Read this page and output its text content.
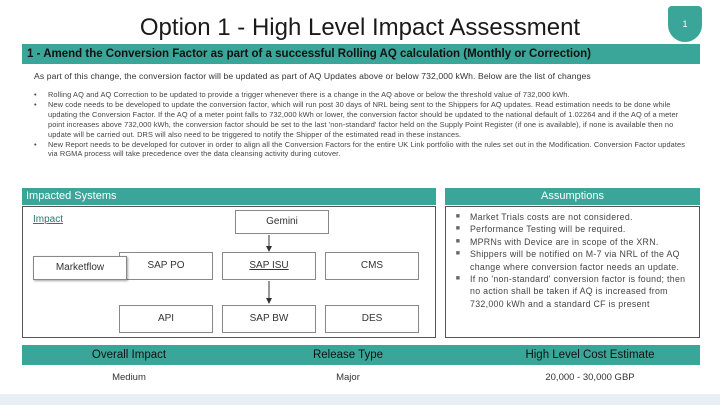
Option 1 - High Level Impact Assessment	1
1 - Amend the Conversion Factor as part of a successful Rolling AQ calculation (Monthly or Correction)
As part of this change, the conversion factor will be updated as part of AQ Updates above or below 732,000 kWh. Below are the list of changes
• Rolling AQ and AQ Correction to be updated to provide a trigger whenever there is a change in the AQ above or below the threshold value of 732,000 kWh.
• New code needs to be developed to update the conversion factor, which will run post 30 days of NRL being sent to the Shippers for AQ updates. Read estimation needs to be done while updating the Conversion Factor. If the AQ of a meter point falls to 732,000 kWh or lower, the conversion factor should be updated to the national default of 1.02264 and if the AQ of a meter point increases above 732,000 kWh, the conversion factor should be set to the last 'non-standard' factor held on the Supply Point Register (if one is available), if none is available then no update will be carried out. DRS will also need to be triggered to notify the Shipper of the estimated read in these instances.
• New Report needs to be developed for cutover in order to align all the Conversion Factors for the entire UK Link portfolio with the rules set out in the Modification. Conversion Factor updates via RGMA process will take precedence over the data cleansing activity during cutover.
Impacted Systems	Assumptions
Impact	Gemini
SAP PO
Marketflow	SAP ISU	CMS
API	SAP BW	DES
■	Market Trials costs are not considered.
■	Performance Testing will be required.
■	MPRNs with Device are in scope of the XRN.
■	Shippers will be notified on M-7 via NRL of the AQ change where conversion factor needs an update.
■	If no 'non-standard' conversion factor is found; then no action shall be taken if AQ is increased from 732,000 kWh and a standard CF is present
Overall Impact	Release Type	High Level Cost Estimate
Medium	Major	20,000 - 30,000 GBP
